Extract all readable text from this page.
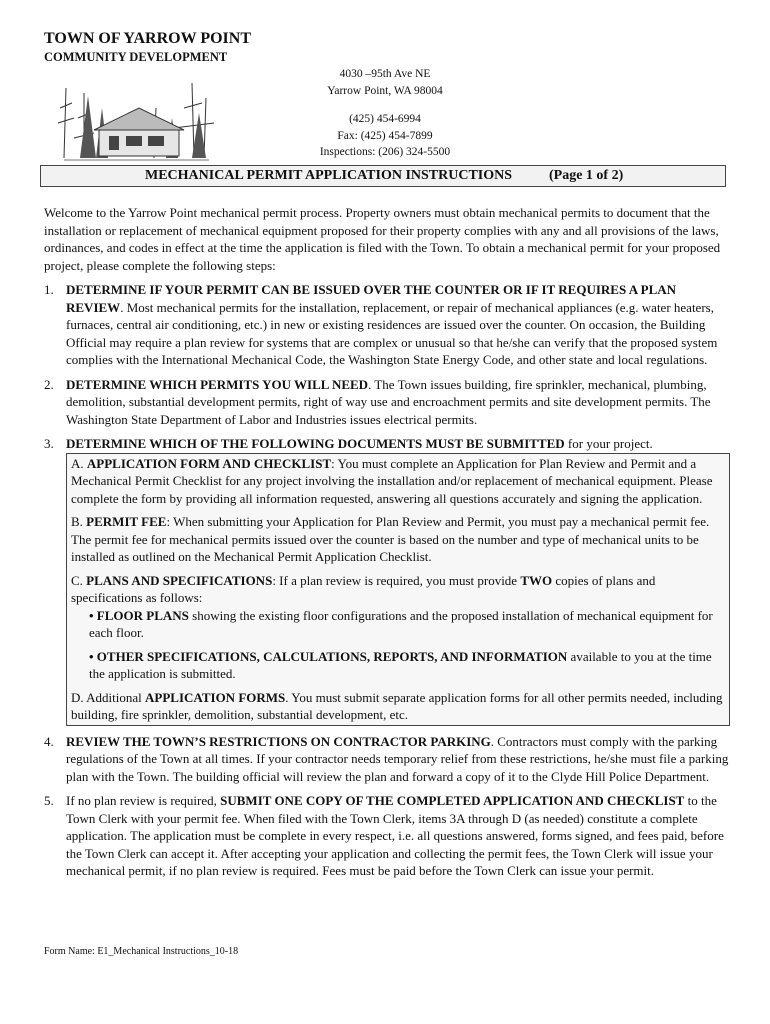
TOWN OF YARROW POINT
COMMUNITY DEVELOPMENT
4030 –95th Ave NE
Yarrow Point, WA 98004
(425) 454-6994
Fax: (425) 454-7899
Inspections: (206) 324-5500
MECHANICAL PERMIT APPLICATION INSTRUCTIONS	(Page 1 of 2)

Welcome to the Yarrow Point mechanical permit process. Property owners must obtain mechanical permits to document that the installation or replacement of mechanical equipment proposed for their property complies with any and all provisions of the laws, ordinances, and codes in effect at the time the application is filed with the Town. To obtain a mechanical permit for your proposed project, please complete the following steps:

1. DETERMINE IF YOUR PERMIT CAN BE ISSUED OVER THE COUNTER OR IF IT REQUIRES A PLAN REVIEW. Most mechanical permits for the installation, replacement, or repair of mechanical appliances (e.g. water heaters, furnaces, central air conditioning, etc.) in new or existing residences are issued over the counter. On occasion, the Building Official may require a plan review for systems that are complex or unusual so that he/she can verify that the proposed system complies with the International Mechanical Code, the Washington State Energy Code, and other state and local regulations.
2. DETERMINE WHICH PERMITS YOU WILL NEED. The Town issues building, fire sprinkler, mechanical, plumbing, demolition, substantial development permits, right of way use and encroachment permits and site development permits. The Washington State Department of Labor and Industries issues electrical permits.
3. DETERMINE WHICH OF THE FOLLOWING DOCUMENTS MUST BE SUBMITTED for your project.

A. APPLICATION FORM AND CHECKLIST: You must complete an Application for Plan Review and Permit and a Mechanical Permit Checklist for any project involving the installation and/or replacement of mechanical equipment. Please complete the form by providing all information requested, answering all questions accurately and signing the application.

B. PERMIT FEE: When submitting your Application for Plan Review and Permit, you must pay a mechanical permit fee. The permit fee for mechanical permits issued over the counter is based on the number and type of mechanical units to be installed as outlined on the Mechanical Permit Application Checklist.

C. PLANS AND SPECIFICATIONS: If a plan review is required, you must provide TWO copies of plans and specifications as follows:

• FLOOR PLANS showing the existing floor configurations and the proposed installation of mechanical equipment for each floor.

• OTHER SPECIFICATIONS, CALCULATIONS, REPORTS, AND INFORMATION available to you at the time the application is submitted.

D. Additional APPLICATION FORMS. You must submit separate application forms for all other permits needed, including building, fire sprinkler, demolition, substantial development, etc.

4. REVIEW THE TOWN’S RESTRICTIONS ON CONTRACTOR PARKING. Contractors must comply with the parking regulations of the Town at all times. If your contractor needs temporary relief from these restrictions, he/she must file a parking plan with the Town. The building official will review the plan and forward a copy of it to the Clyde Hill Police Department.
5. If no plan review is required, SUBMIT ONE COPY OF THE COMPLETED APPLICATION AND CHECKLIST to the Town Clerk with your permit fee. When filed with the Town Clerk, items 3A through D (as needed) constitute a complete application. The application must be complete in every respect, i.e. all questions answered, forms signed, and fees paid, before the Town Clerk can accept it. After accepting your application and collecting the permit fees, the Town Clerk will issue your mechanical permit, if no plan review is required. Fees must be paid before the Town Clerk can issue your permit.
Form Name: E1_Mechanical Instructions_10-18
